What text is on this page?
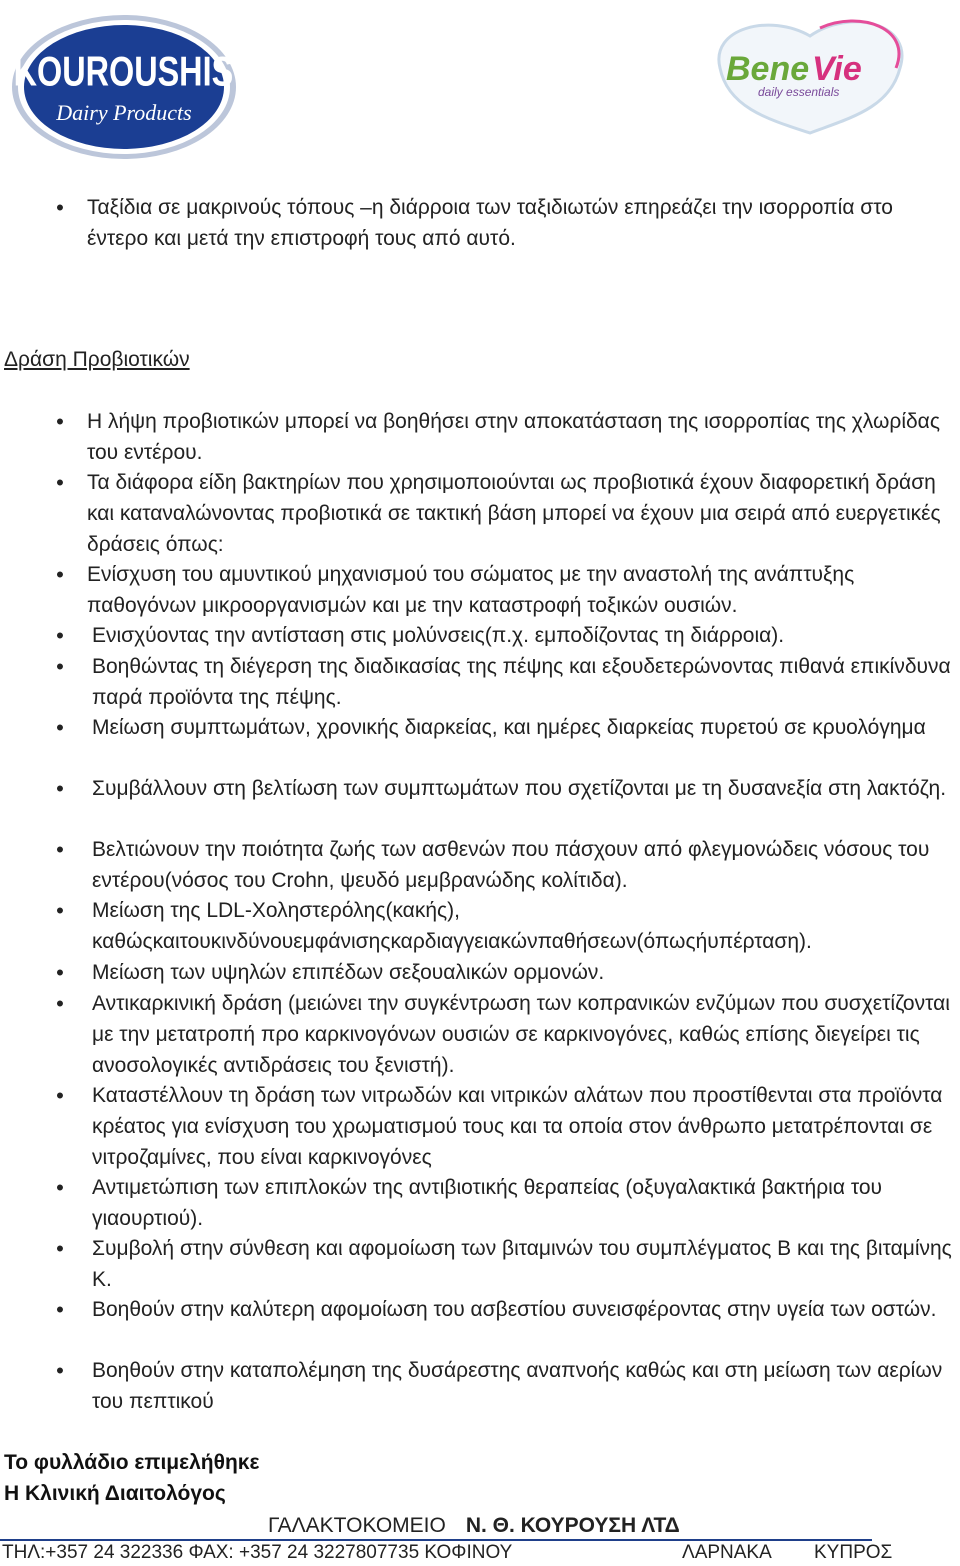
KOUROUSHIS
Dairy Products
Bene Vie
daily essentials
•	Ταξίδια σε μακρινούς τόπους –η διάρροια των ταξιδιωτών επηρεάζει την ισορροπία στο έντερο και μετά την επιστροφή τους από αυτό.
Δράση Προβιοτικών
•	Η λήψη προβιοτικών μπορεί να βοηθήσει στην αποκατάσταση της ισορροπίας της χλωρίδας του εντέρου.
•	Τα διάφορα είδη βακτηρίων που χρησιμοποιούνται ως προβιοτικά έχουν διαφορετική δράση και καταναλώνοντας προβιοτικά σε τακτική βάση μπορεί να έχουν μια σειρά από ευεργετικές δράσεις όπως:
•	Ενίσχυση του αμυντικού μηχανισμού του σώματος με την αναστολή της ανάπτυξης παθογόνων μικροοργανισμών και με την καταστροφή τοξικών ουσιών.
•	Ενισχύοντας την αντίσταση στις μολύνσεις(π.χ. εμποδίζοντας τη διάρροια).
•	Βοηθώντας τη διέγερση της διαδικασίας της πέψης και εξουδετερώνοντας πιθανά επικίνδυνα παρά προϊόντα της πέψης.
•	Μείωση συμπτωμάτων, χρονικής διαρκείας, και ημέρες διαρκείας πυρετού σε κρυολόγημα
•	Συμβάλλουν στη βελτίωση των συμπτωμάτων που σχετίζονται με τη δυσανεξία στη λακτόζη.
•	Βελτιώνουν την ποιότητα ζωής των ασθενών που πάσχουν από φλεγμονώδεις νόσους του εντέρου(νόσος του Crohn, ψευδό μεμβρανώδης κολίτιδα).
•	Μείωση της LDL-Χοληστερόλης(κακής), καθώςκαιτουκινδύνουεμφάνισηςκαρδιαγγειακώνπαθήσεων(όπωςήυπέρταση).
•	Μείωση των υψηλών επιπέδων σεξουαλικών ορμονών.
•	Αντικαρκινική δράση (μειώνει την συγκέντρωση των κοπρανικών ενζύμων που συσχετίζονται με την μετατροπή προ καρκινογόνων ουσιών σε καρκινογόνες, καθώς επίσης διεγείρει τις ανοσολογικές αντιδράσεις του ξενιστή).
•	Καταστέλλουν τη δράση των νιτρωδών και νιτρικών αλάτων που προστίθενται στα προϊόντα κρέατος για ενίσχυση του χρωματισμού τους και τα οποία στον άνθρωπο μετατρέπονται σε νιτροζαμίνες, που είναι καρκινογόνες
•	Αντιμετώπιση των επιπλοκών της αντιβιοτικής θεραπείας (οξυγαλακτικά βακτήρια του γιαουρτιού).
•	Συμβολή στην σύνθεση και αφομοίωση των βιταμινών του συμπλέγματος Β και της βιταμίνης Κ.
•	Βοηθούν στην καλύτερη αφομοίωση του ασβεστίου συνεισφέροντας στην υγεία των οστών.
•	Βοηθούν στην καταπολέμηση της δυσάρεστης αναπνοής καθώς και στη μείωση των αερίων του πεπτικού
Το φυλλάδιο επιμελήθηκε
Η Κλινική Διαιτολόγος
ΓΑΛΑΚΤΟΚΟΜΕΙΟ Ν. Θ. ΚΟΥΡΟΥΣΗ ΛΤΔ
ΤΗΛ:+357 24 322336 ΦΑΧ: +357 24 3227807735 ΚΟΦΙΝΟΥ	ΛΑΡΝΑΚΑ ΚΥΠΡΟΣ
